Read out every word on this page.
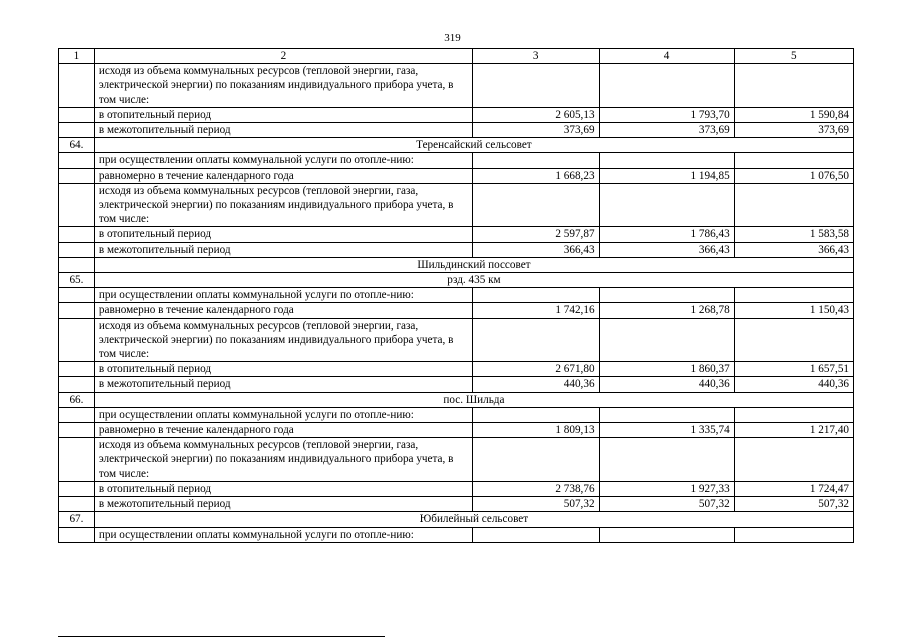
319
1	2	3	4	5
	исходя из объема коммунальных ресурсов (тепловой энергии, газа, электрической энергии) по показаниям индивидуального прибора учета, в том числе:			
	в отопительный период	2 605,13	1 793,70	1 590,84
	в межотопительный период	373,69	373,69	373,69
64.	Теренсайский сельсовет			
	при осуществлении оплаты коммунальной услуги по отопле-нию:			
	равномерно в течение календарного года	1 668,23	1 194,85	1 076,50
	исходя из объема коммунальных ресурсов (тепловой энергии, газа, электрической энергии) по показаниям индивидуального прибора учета, в том числе:			
	в отопительный период	2 597,87	1 786,43	1 583,58
	в межотопительный период	366,43	366,43	366,43
	Шильдинский поссовет			
65.	рзд. 435 км			
	при осуществлении оплаты коммунальной услуги по отопле-нию:			
	равномерно в течение календарного года	1 742,16	1 268,78	1 150,43
	исходя из объема коммунальных ресурсов (тепловой энергии, газа, электрической энергии) по показаниям индивидуального прибора учета, в том числе:			
	в отопительный период	2 671,80	1 860,37	1 657,51
	в межотопительный период	440,36	440,36	440,36
66.	пос. Шильда			
	при осуществлении оплаты коммунальной услуги по отопле-нию:			
	равномерно в течение календарного года	1 809,13	1 335,74	1 217,40
	исходя из объема коммунальных ресурсов (тепловой энергии, газа, электрической энергии) по показаниям индивидуального прибора учета, в том числе:			
	в отопительный период	2 738,76	1 927,33	1 724,47
	в межотопительный период	507,32	507,32	507,32
67.	Юбилейный сельсовет			
	при осуществлении оплаты коммунальной услуги по отопле-нию:			
